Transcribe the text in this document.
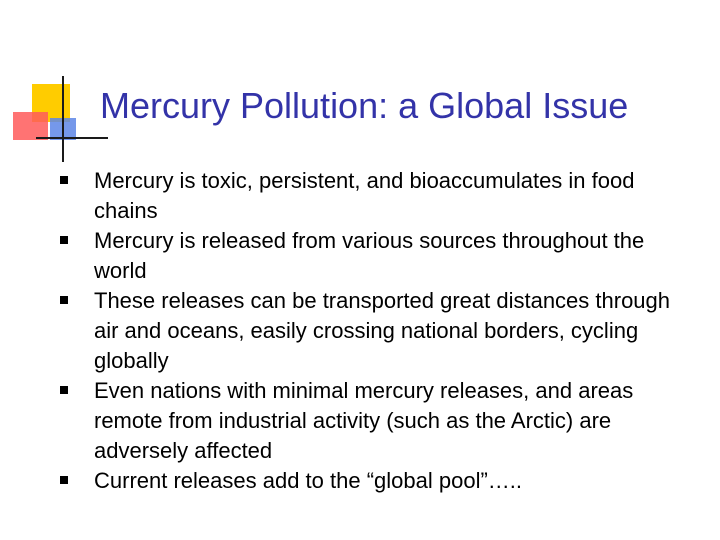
Mercury Pollution: a Global Issue
Mercury is toxic, persistent, and bioaccumulates in food chains
Mercury is released from various sources throughout the world
These releases can be transported great distances through air and oceans, easily crossing national borders, cycling globally
Even nations with minimal mercury releases, and areas remote from industrial activity (such as the Arctic) are adversely affected
Current releases add to the “global pool”…..
